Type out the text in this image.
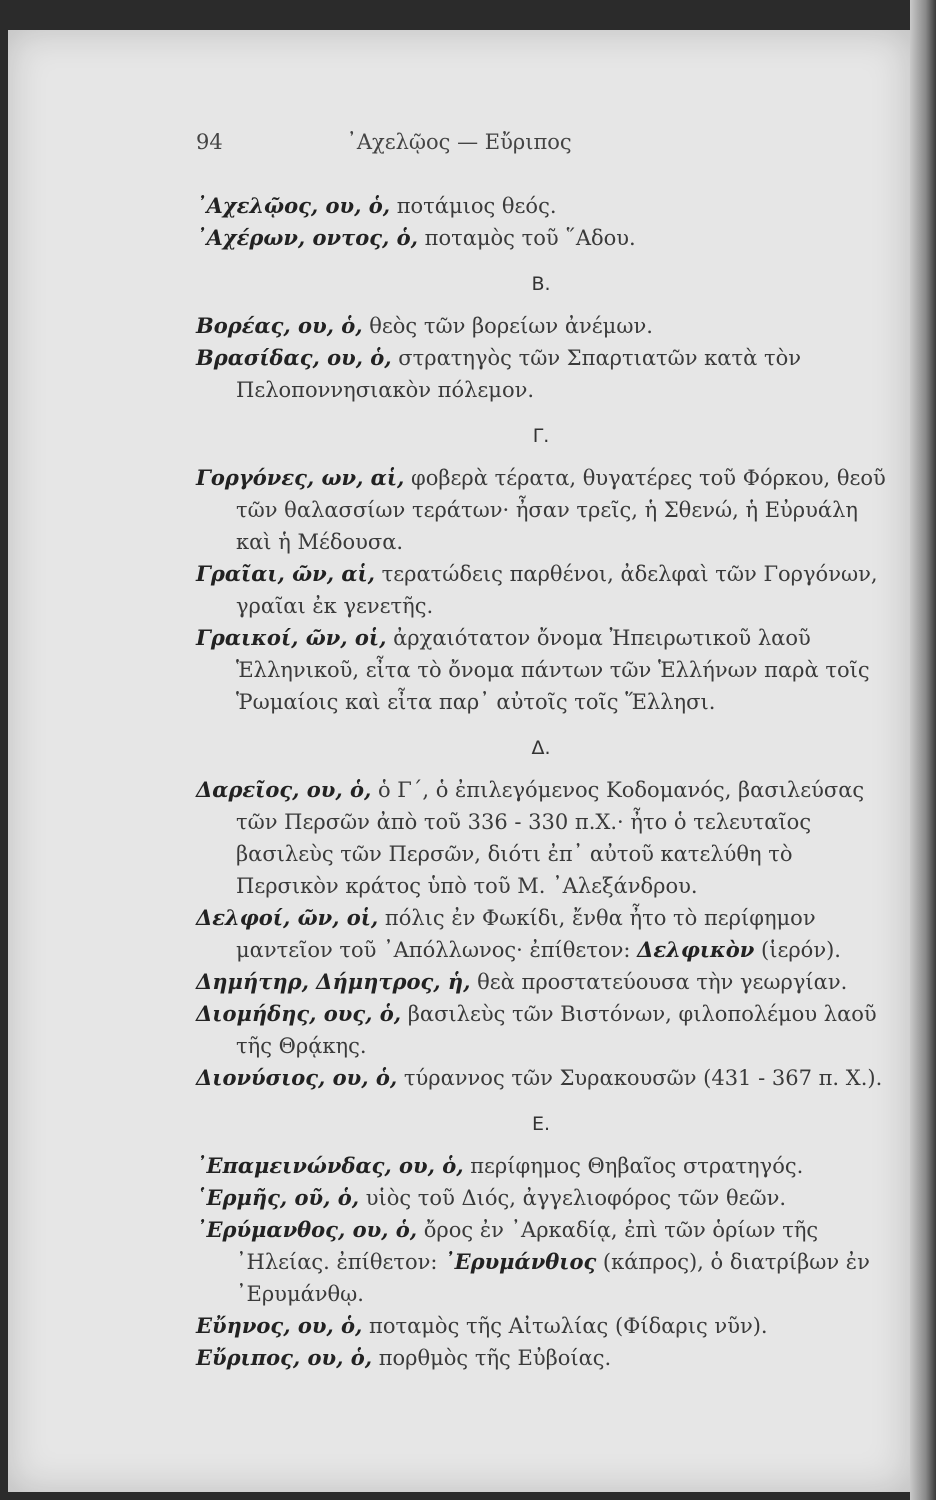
94	᾿Αχελῷος — Εὔριπος

᾿Αχελῷος, ου, ὁ, ποτάμιος θεός.

᾿Αχέρων, οντος, ὁ, ποταμὸς τοῦ ῞Αδου.

Β.

Βορέας, ου, ὁ, θεὸς τῶν βορείων ἀνέμων.

Βρασίδας, ου, ὁ, στρατηγὸς τῶν Σπαρτιατῶν κατὰ τὸν Πελοποννησιακὸν πόλεμον.

Γ.

Γοργόνες, ων, αἱ, φοβερὰ τέρατα, θυγατέρες τοῦ Φόρκου, θεοῦ τῶν θαλασσίων τεράτων· ἦσαν τρεῖς, ἡ Σθενώ, ἡ Εὐρυάλη καὶ ἡ Μέδουσα.

Γραῖαι, ῶν, αἱ, τερατώδεις παρθένοι, ἀδελφαὶ τῶν Γοργόνων, γραῖαι ἐκ γενετῆς.

Γραικοί, ῶν, οἱ, ἀρχαιότατον ὄνομα Ἠπειρωτικοῦ λαοῦ Ἑλληνικοῦ, εἶτα τὸ ὄνομα πάντων τῶν Ἑλλήνων παρὰ τοῖς Ῥωμαίοις καὶ εἶτα παρ᾿ αὐτοῖς τοῖς Ἕλλησι.

Δ.

Δαρεῖος, ου, ὁ, ὁ Γ΄, ὁ ἐπιλεγόμενος Κοδομανός, βασιλεύσας τῶν Περσῶν ἀπὸ τοῦ 336 - 330 π.Χ.· ἦτο ὁ τελευταῖος βασιλεὺς τῶν Περσῶν, διότι ἐπ᾿ αὐτοῦ κατελύθη τὸ Περσικὸν κράτος ὑπὸ τοῦ Μ. ᾿Αλεξάνδρου.

Δελφοί, ῶν, οἱ, πόλις ἐν Φωκίδι, ἔνθα ἦτο τὸ περίφημον μαντεῖον τοῦ ᾿Απόλλωνος· ἐπίθετον: Δελφικὸν (ἱερόν).

Δημήτηρ, Δήμητρος, ἡ, θεὰ προστατεύουσα τὴν γεωργίαν.

Διομήδης, ους, ὁ, βασιλεὺς τῶν Βιστόνων, φιλοπολέμου λαοῦ τῆς Θρᾴκης.

Διονύσιος, ου, ὁ, τύραννος τῶν Συρακουσῶν (431 - 367 π. Χ.).

Ε.

᾿Επαμεινώνδας, ου, ὁ, περίφημος Θηβαῖος στρατηγός.

῾Ερμῆς, οῦ, ὁ, υἱὸς τοῦ Διός, ἀγγελιοφόρος τῶν θεῶν.

᾿Ερύμανθος, ου, ὁ, ὄρος ἐν ᾿Αρκαδίᾳ, ἐπὶ τῶν ὁρίων τῆς ᾿Ηλείας. ἐπίθετον: ᾿Ερυμάνθιος (κάπρος), ὁ διατρίβων ἐν ᾿Ερυμάνθῳ.

Εὔηνος, ου, ὁ, ποταμὸς τῆς Αἰτωλίας (Φίδαρις νῦν).

Εὔριπος, ου, ὁ, πορθμὸς τῆς Εὐβοίας.
